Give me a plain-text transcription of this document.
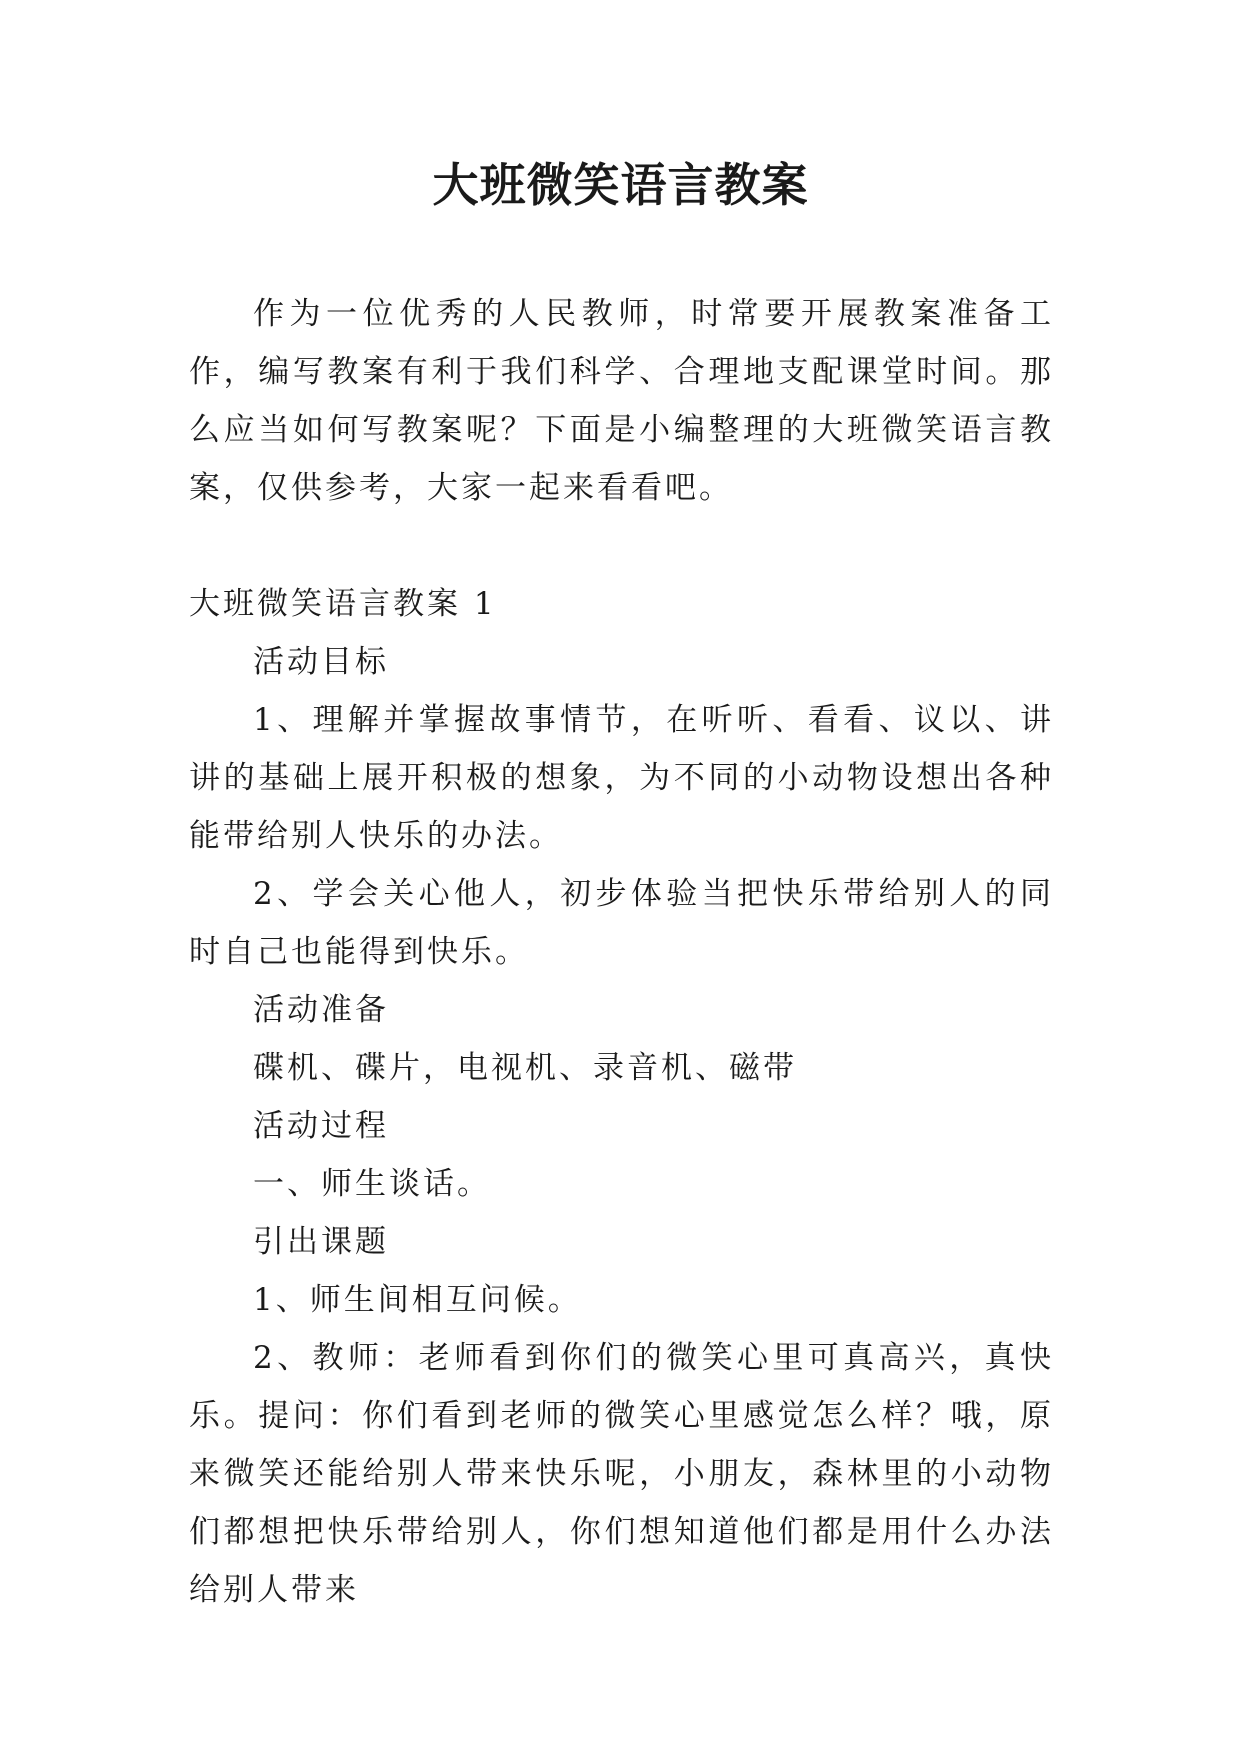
大班微笑语言教案

作为一位优秀的人民教师，时常要开展教案准备工作，编写教案有利于我们科学、合理地支配课堂时间。那么应当如何写教案呢？下面是小编整理的大班微笑语言教案，仅供参考，大家一起来看看吧。

大班微笑语言教案 1

活动目标

1、理解并掌握故事情节，在听听、看看、议以、讲讲的基础上展开积极的想象，为不同的小动物设想出各种能带给别人快乐的办法。

2、学会关心他人，初步体验当把快乐带给别人的同时自己也能得到快乐。

活动准备

碟机、碟片，电视机、录音机、磁带

活动过程

一、师生谈话。

引出课题

1、师生间相互问候。

2、教师：老师看到你们的微笑心里可真高兴，真快乐。提问：你们看到老师的微笑心里感觉怎么样？哦，原来微笑还能给别人带来快乐呢，小朋友，森林里的小动物们都想把快乐带给别人，你们想知道他们都是用什么办法给别人带来
